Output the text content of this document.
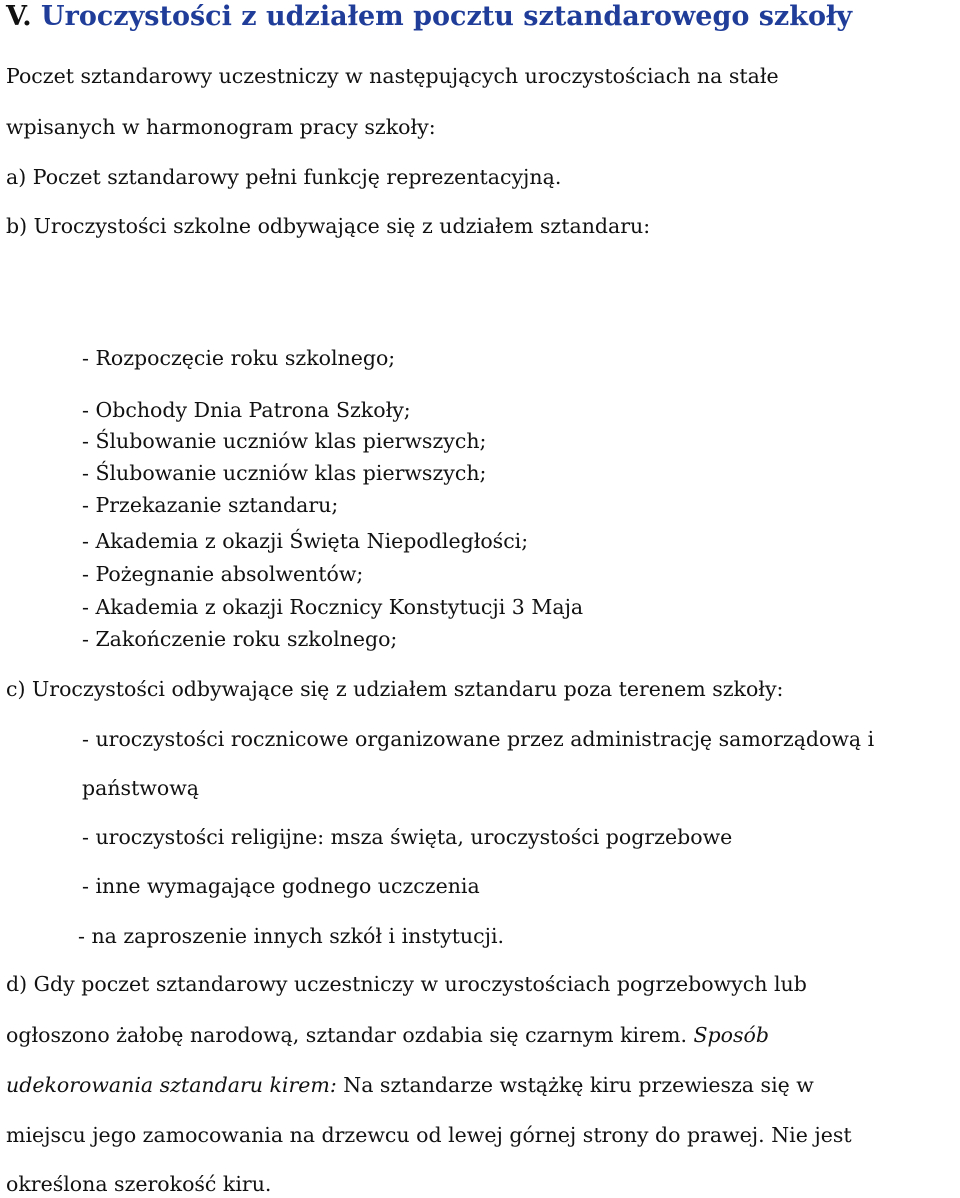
V. Uroczystości z udziałem pocztu sztandarowego szkoły
Poczet sztandarowy uczestniczy w następujących uroczystościach na stałe
wpisanych w harmonogram pracy szkoły:
a) Poczet sztandarowy pełni funkcję reprezentacyjną.
b) Uroczystości szkolne odbywające się z udziałem sztandaru:
- Rozpoczęcie roku szkolnego;
- Obchody Dnia Patrona Szkoły;
- Ślubowanie uczniów klas pierwszych;
- Ślubowanie uczniów klas pierwszych;
- Przekazanie sztandaru;
- Akademia z okazji Święta Niepodległości;
- Pożegnanie absolwentów;
- Akademia z okazji Rocznicy Konstytucji 3 Maja
- Zakończenie roku szkolnego;
c) Uroczystości odbywające się z udziałem sztandaru poza terenem szkoły:
- uroczystości rocznicowe organizowane przez administrację samorządową i
państwową
- uroczystości religijne: msza święta, uroczystości pogrzebowe
- inne wymagające godnego uczczenia
- na zaproszenie innych szkół i instytucji.
d) Gdy poczet sztandarowy uczestniczy w uroczystościach pogrzebowych lub
ogłoszono żałobę narodową, sztandar ozdabia się czarnym kirem. Sposób
udekorowania sztandaru kirem: Na sztandarze wstążkę kiru przewiesza się w
miejscu jego zamocowania na drzewcu od lewej górnej strony do prawej. Nie jest
określona szerokość kiru.
